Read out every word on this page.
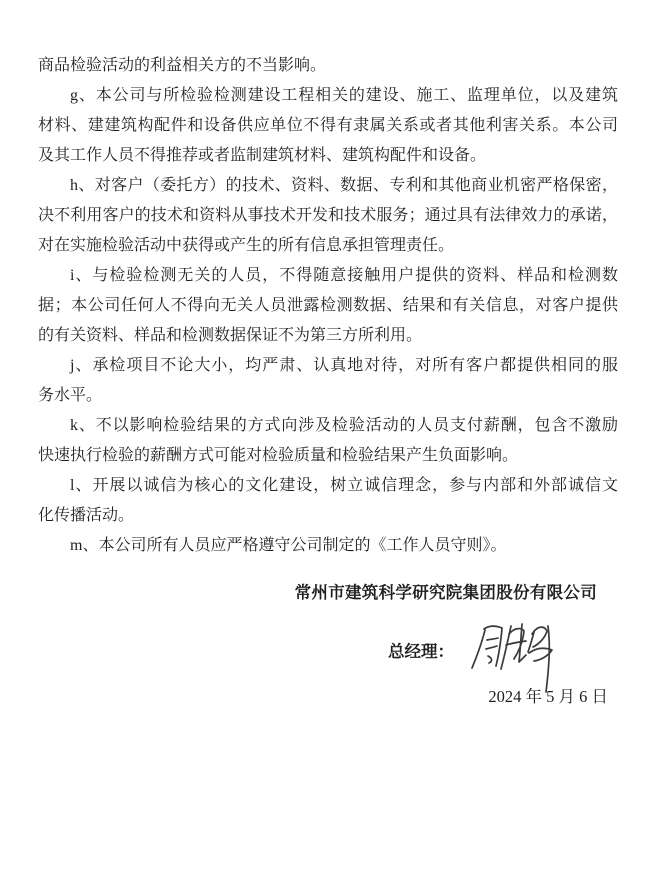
商品检验活动的利益相关方的不当影响。
g、本公司与所检验检测建设工程相关的建设、施工、监理单位，以及建筑
材料、建建筑构配件和设备供应单位不得有隶属关系或者其他利害关系。本公司
及其工作人员不得推荐或者监制建筑材料、建筑构配件和设备。
h、对客户（委托方）的技术、资料、数据、专利和其他商业机密严格保密，
决不利用客户的技术和资料从事技术开发和技术服务；通过具有法律效力的承诺，
对在实施检验活动中获得或产生的所有信息承担管理责任。
i、与检验检测无关的人员，不得随意接触用户提供的资料、样品和检测数
据；本公司任何人不得向无关人员泄露检测数据、结果和有关信息，对客户提供
的有关资料、样品和检测数据保证不为第三方所利用。
j、承检项目不论大小，均严肃、认真地对待，对所有客户都提供相同的服
务水平。
k、不以影响检验结果的方式向涉及检验活动的人员支付薪酬，包含不激励
快速执行检验的薪酬方式可能对检验质量和检验结果产生负面影响。
l、开展以诚信为核心的文化建设，树立诚信理念，参与内部和外部诚信文
化传播活动。
m、本公司所有人员应严格遵守公司制定的《工作人员守则》。
常州市建筑科学研究院集团股份有限公司
总经理：
2024 年 5 月 6 日
